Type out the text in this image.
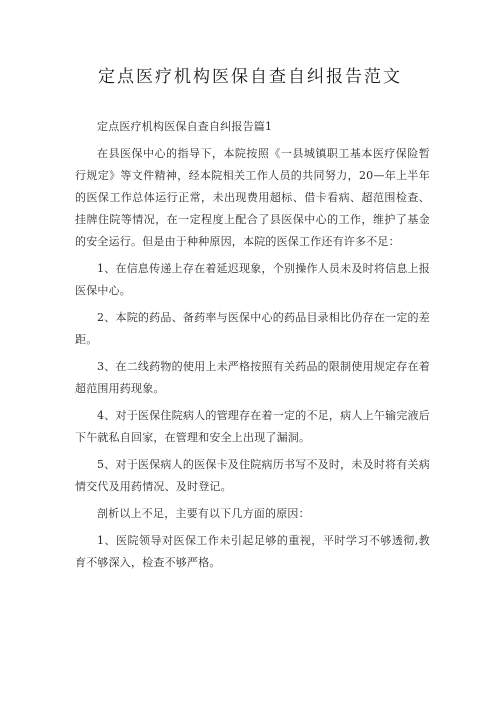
定点医疗机构医保自查自纠报告范文

定点医疗机构医保自查自纠报告篇1

在县医保中心的指导下，本院按照《一县城镇职工基本医疗保险暂行规定》等文件精神，经本院相关工作人员的共同努力，20—年上半年的医保工作总体运行正常，未出现费用超标、借卡看病、超范围检查、挂牌住院等情况，在一定程度上配合了县医保中心的工作，维护了基金的安全运行。但是由于种种原因，本院的医保工作还有许多不足：

1、在信息传递上存在着延迟现象，个别操作人员未及时将信息上报医保中心。

2、本院的药品、备药率与医保中心的药品目录相比仍存在一定的差距。

3、在二线药物的使用上未严格按照有关药品的限制使用规定存在着超范围用药现象。

4、对于医保住院病人的管理存在着一定的不足，病人上午输完液后下午就私自回家，在管理和安全上出现了漏洞。

5、对于医保病人的医保卡及住院病历书写不及时，未及时将有关病情交代及用药情况、及时登记。

剖析以上不足，主要有以下几方面的原因：

1、医院领导对医保工作未引起足够的重视，平时学习不够透彻,教育不够深入，检查不够严格。
